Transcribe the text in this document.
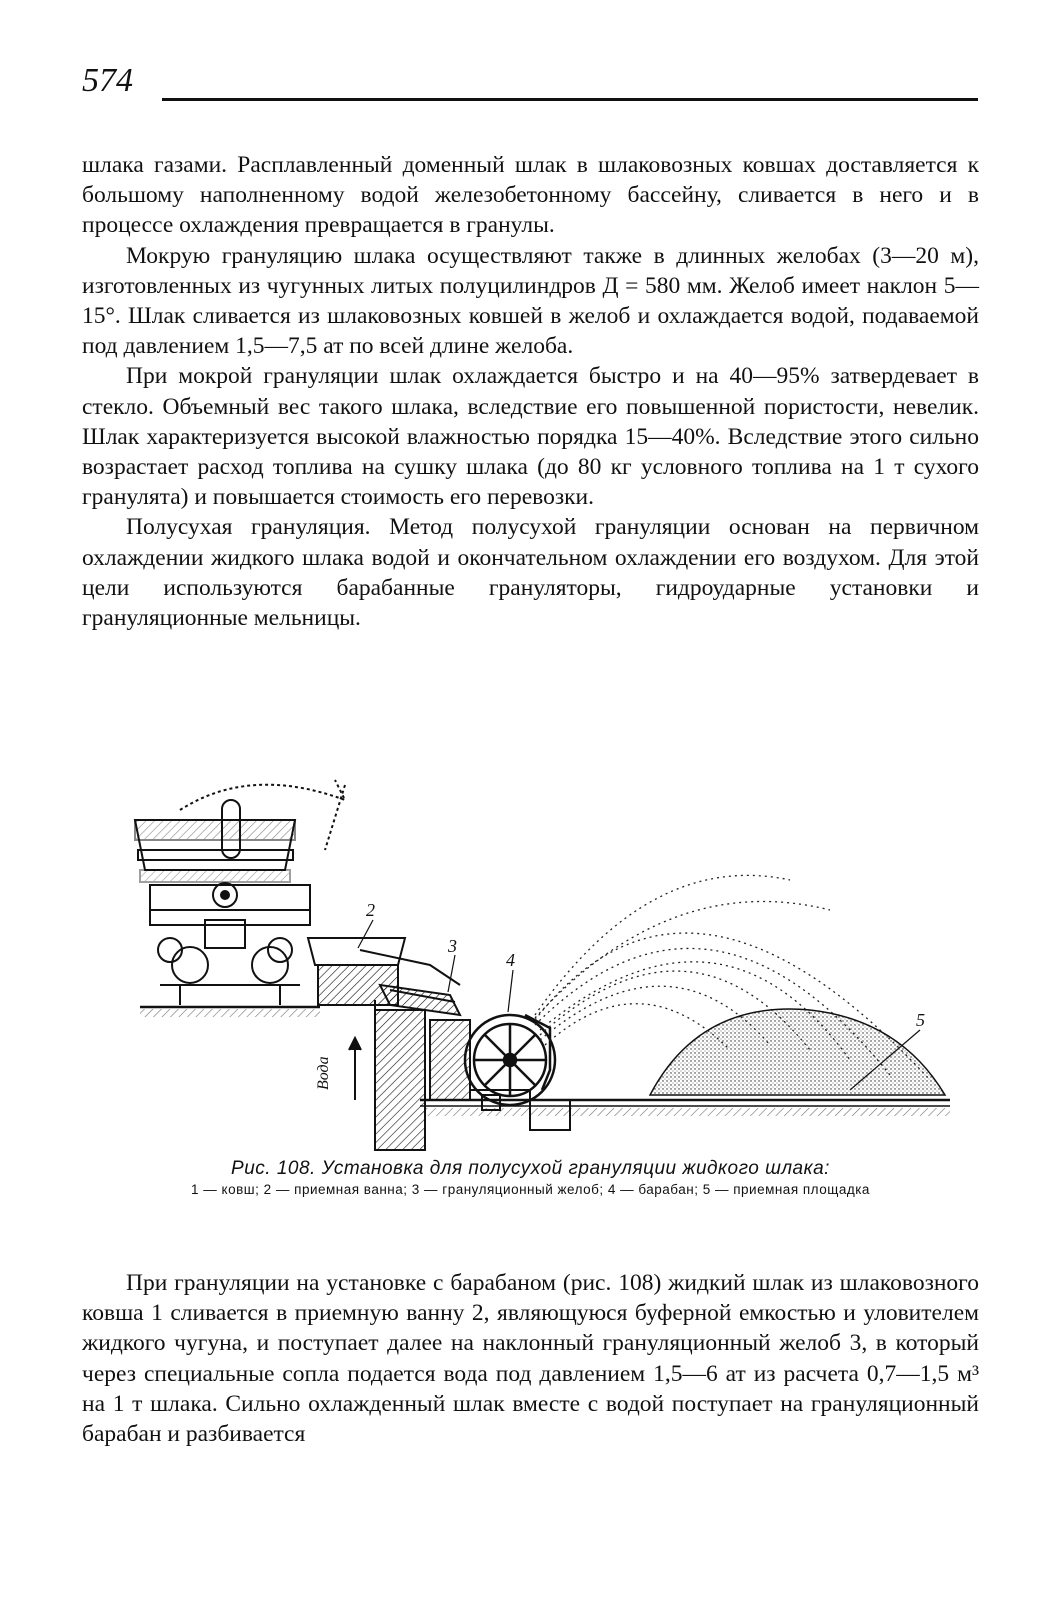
574

шлака газами. Расплавленный доменный шлак в шлаковозных ковшах доставляется к большому наполненному водой железобетонному бассейну, сливается в него и в процессе охлаждения превращается в гранулы.

Мокрую грануляцию шлака осуществляют также в длинных желобах (3—20 м), изготовленных из чугунных литых полуцилиндров Д = 580 мм. Желоб имеет наклон 5—15°. Шлак сливается из шлаковозных ковшей в желоб и охлаждается водой, подаваемой под давлением 1,5—7,5 ат по всей длине желоба.

При мокрой грануляции шлак охлаждается быстро и на 40—95% затвердевает в стекло. Объемный вес такого шлака, вследствие его повышенной пористости, невелик. Шлак характеризуется высокой влажностью порядка 15—40%. Вследствие этого сильно возрастает расход топлива на сушку шлака (до 80 кг условного топлива на 1 т сухого гранулята) и повышается стоимость его перевозки.

Полусухая грануляция. Метод полусухой грануляции основан на первичном охлаждении жидкого шлака водой и окончательном охлаждении его воздухом. Для этой цели используются барабанные грануляторы, гидроударные установки и грануляционные мельницы.

2
3
4
5
Вода
Рис. 108. Установка для полусухой грануляции жидкого шлака:
1 — ковш; 2 — приемная ванна; 3 — грануляционный желоб; 4 — барабан; 5 — приемная площадка

При грануляции на установке с барабаном (рис. 108) жидкий шлак из шлаковозного ковша 1 сливается в приемную ванну 2, являющуюся буферной емкостью и уловителем жидкого чугуна, и поступает далее на наклонный грануляционный желоб 3, в который через специальные сопла подается вода под давлением 1,5—6 ат из расчета 0,7—1,5 м³ на 1 т шлака. Сильно охлажденный шлак вместе с водой поступает на грануляционный барабан и разбивается
